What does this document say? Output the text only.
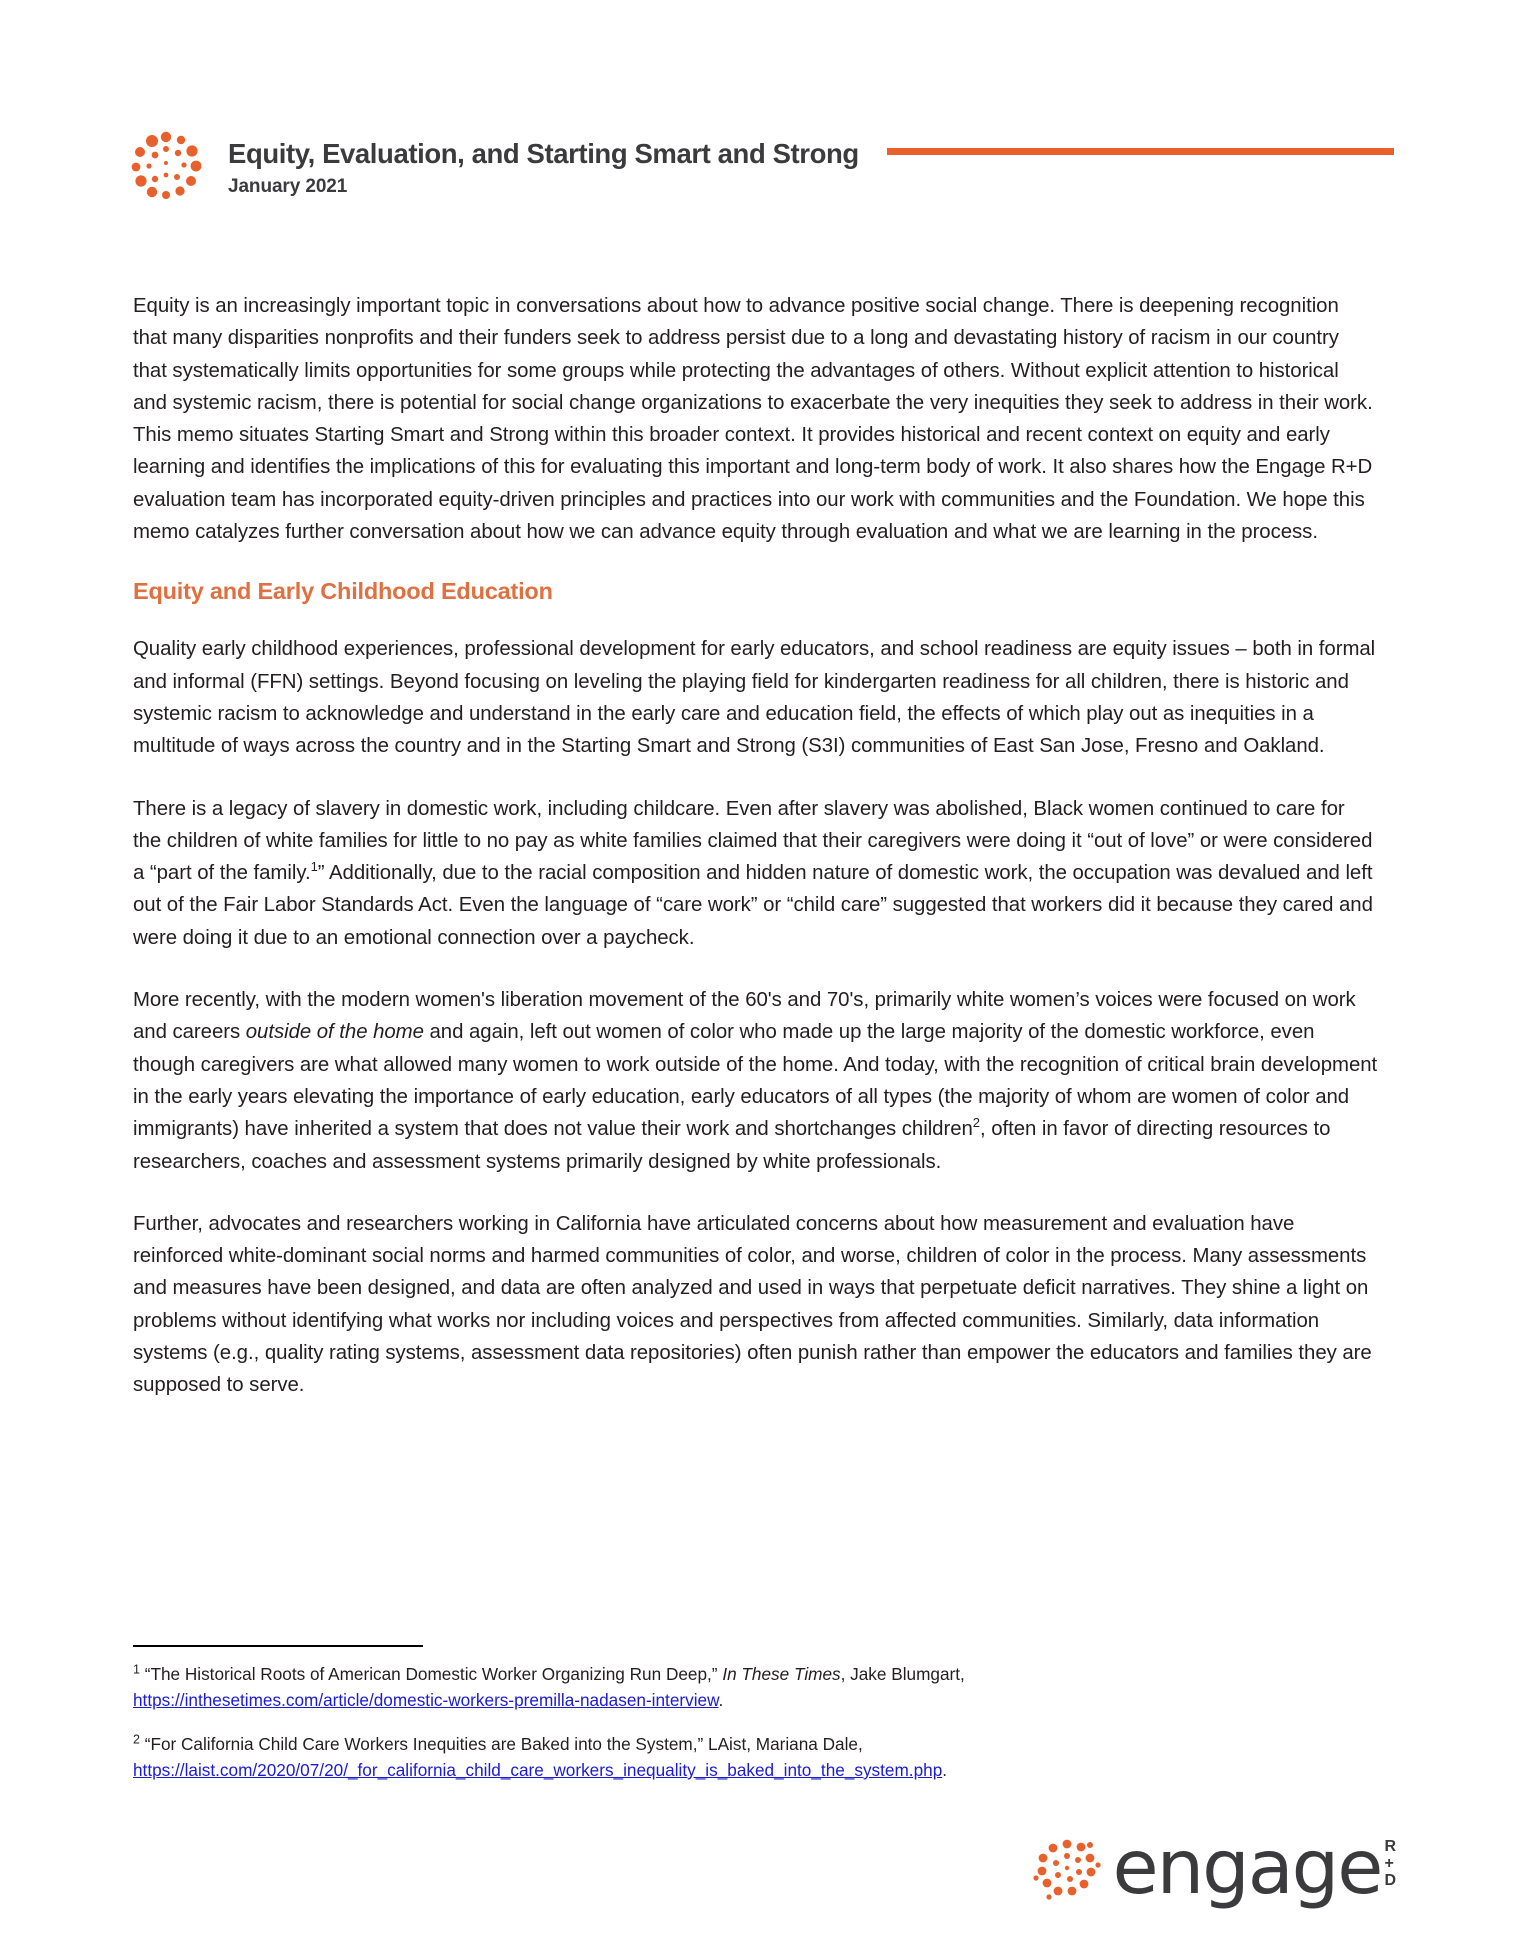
Equity, Evaluation, and Starting Smart and Strong
January 2021

Equity is an increasingly important topic in conversations about how to advance positive social change. There is deepening recognition that many disparities nonprofits and their funders seek to address persist due to a long and devastating history of racism in our country that systematically limits opportunities for some groups while protecting the advantages of others. Without explicit attention to historical and systemic racism, there is potential for social change organizations to exacerbate the very inequities they seek to address in their work. This memo situates Starting Smart and Strong within this broader context. It provides historical and recent context on equity and early learning and identifies the implications of this for evaluating this important and long-term body of work. It also shares how the Engage R+D evaluation team has incorporated equity-driven principles and practices into our work with communities and the Foundation. We hope this memo catalyzes further conversation about how we can advance equity through evaluation and what we are learning in the process.

Equity and Early Childhood Education

Quality early childhood experiences, professional development for early educators, and school readiness are equity issues – both in formal and informal (FFN) settings. Beyond focusing on leveling the playing field for kindergarten readiness for all children, there is historic and systemic racism to acknowledge and understand in the early care and education field, the effects of which play out as inequities in a multitude of ways across the country and in the Starting Smart and Strong (S3I) communities of East San Jose, Fresno and Oakland.

There is a legacy of slavery in domestic work, including childcare. Even after slavery was abolished, Black women continued to care for the children of white families for little to no pay as white families claimed that their caregivers were doing it “out of love” or were considered a “part of the family.$^1$” Additionally, due to the racial composition and hidden nature of domestic work, the occupation was devalued and left out of the Fair Labor Standards Act. Even the language of “care work” or “child care” suggested that workers did it because they cared and were doing it due to an emotional connection over a paycheck.

More recently, with the modern women's liberation movement of the 60's and 70's, primarily white women’s voices were focused on work and careers outside of the home and again, left out women of color who made up the large majority of the domestic workforce, even though caregivers are what allowed many women to work outside of the home. And today, with the recognition of critical brain development in the early years elevating the importance of early education, early educators of all types (the majority of whom are women of color and immigrants) have inherited a system that does not value their work and shortchanges children$^2$, often in favor of directing resources to researchers, coaches and assessment systems primarily designed by white professionals.

Further, advocates and researchers working in California have articulated concerns about how measurement and evaluation have reinforced white-dominant social norms and harmed communities of color, and worse, children of color in the process. Many assessments and measures have been designed, and data are often analyzed and used in ways that perpetuate deficit narratives. They shine a light on problems without identifying what works nor including voices and perspectives from affected communities. Similarly, data information systems (e.g., quality rating systems, assessment data repositories) often punish rather than empower the educators and families they are supposed to serve.

$^1$ “The Historical Roots of American Domestic Worker Organizing Run Deep,” In These Times, Jake Blumgart,
https://inthesetimes.com/article/domestic-workers-premilla-nadasen-interview.

$^2$ “For California Child Care Workers Inequities are Baked into the System,” LAist, Mariana Dale,
https://laist.com/2020/07/20/_for_california_child_care_workers_inequality_is_baked_into_the_system.php.

engage R
+
D
